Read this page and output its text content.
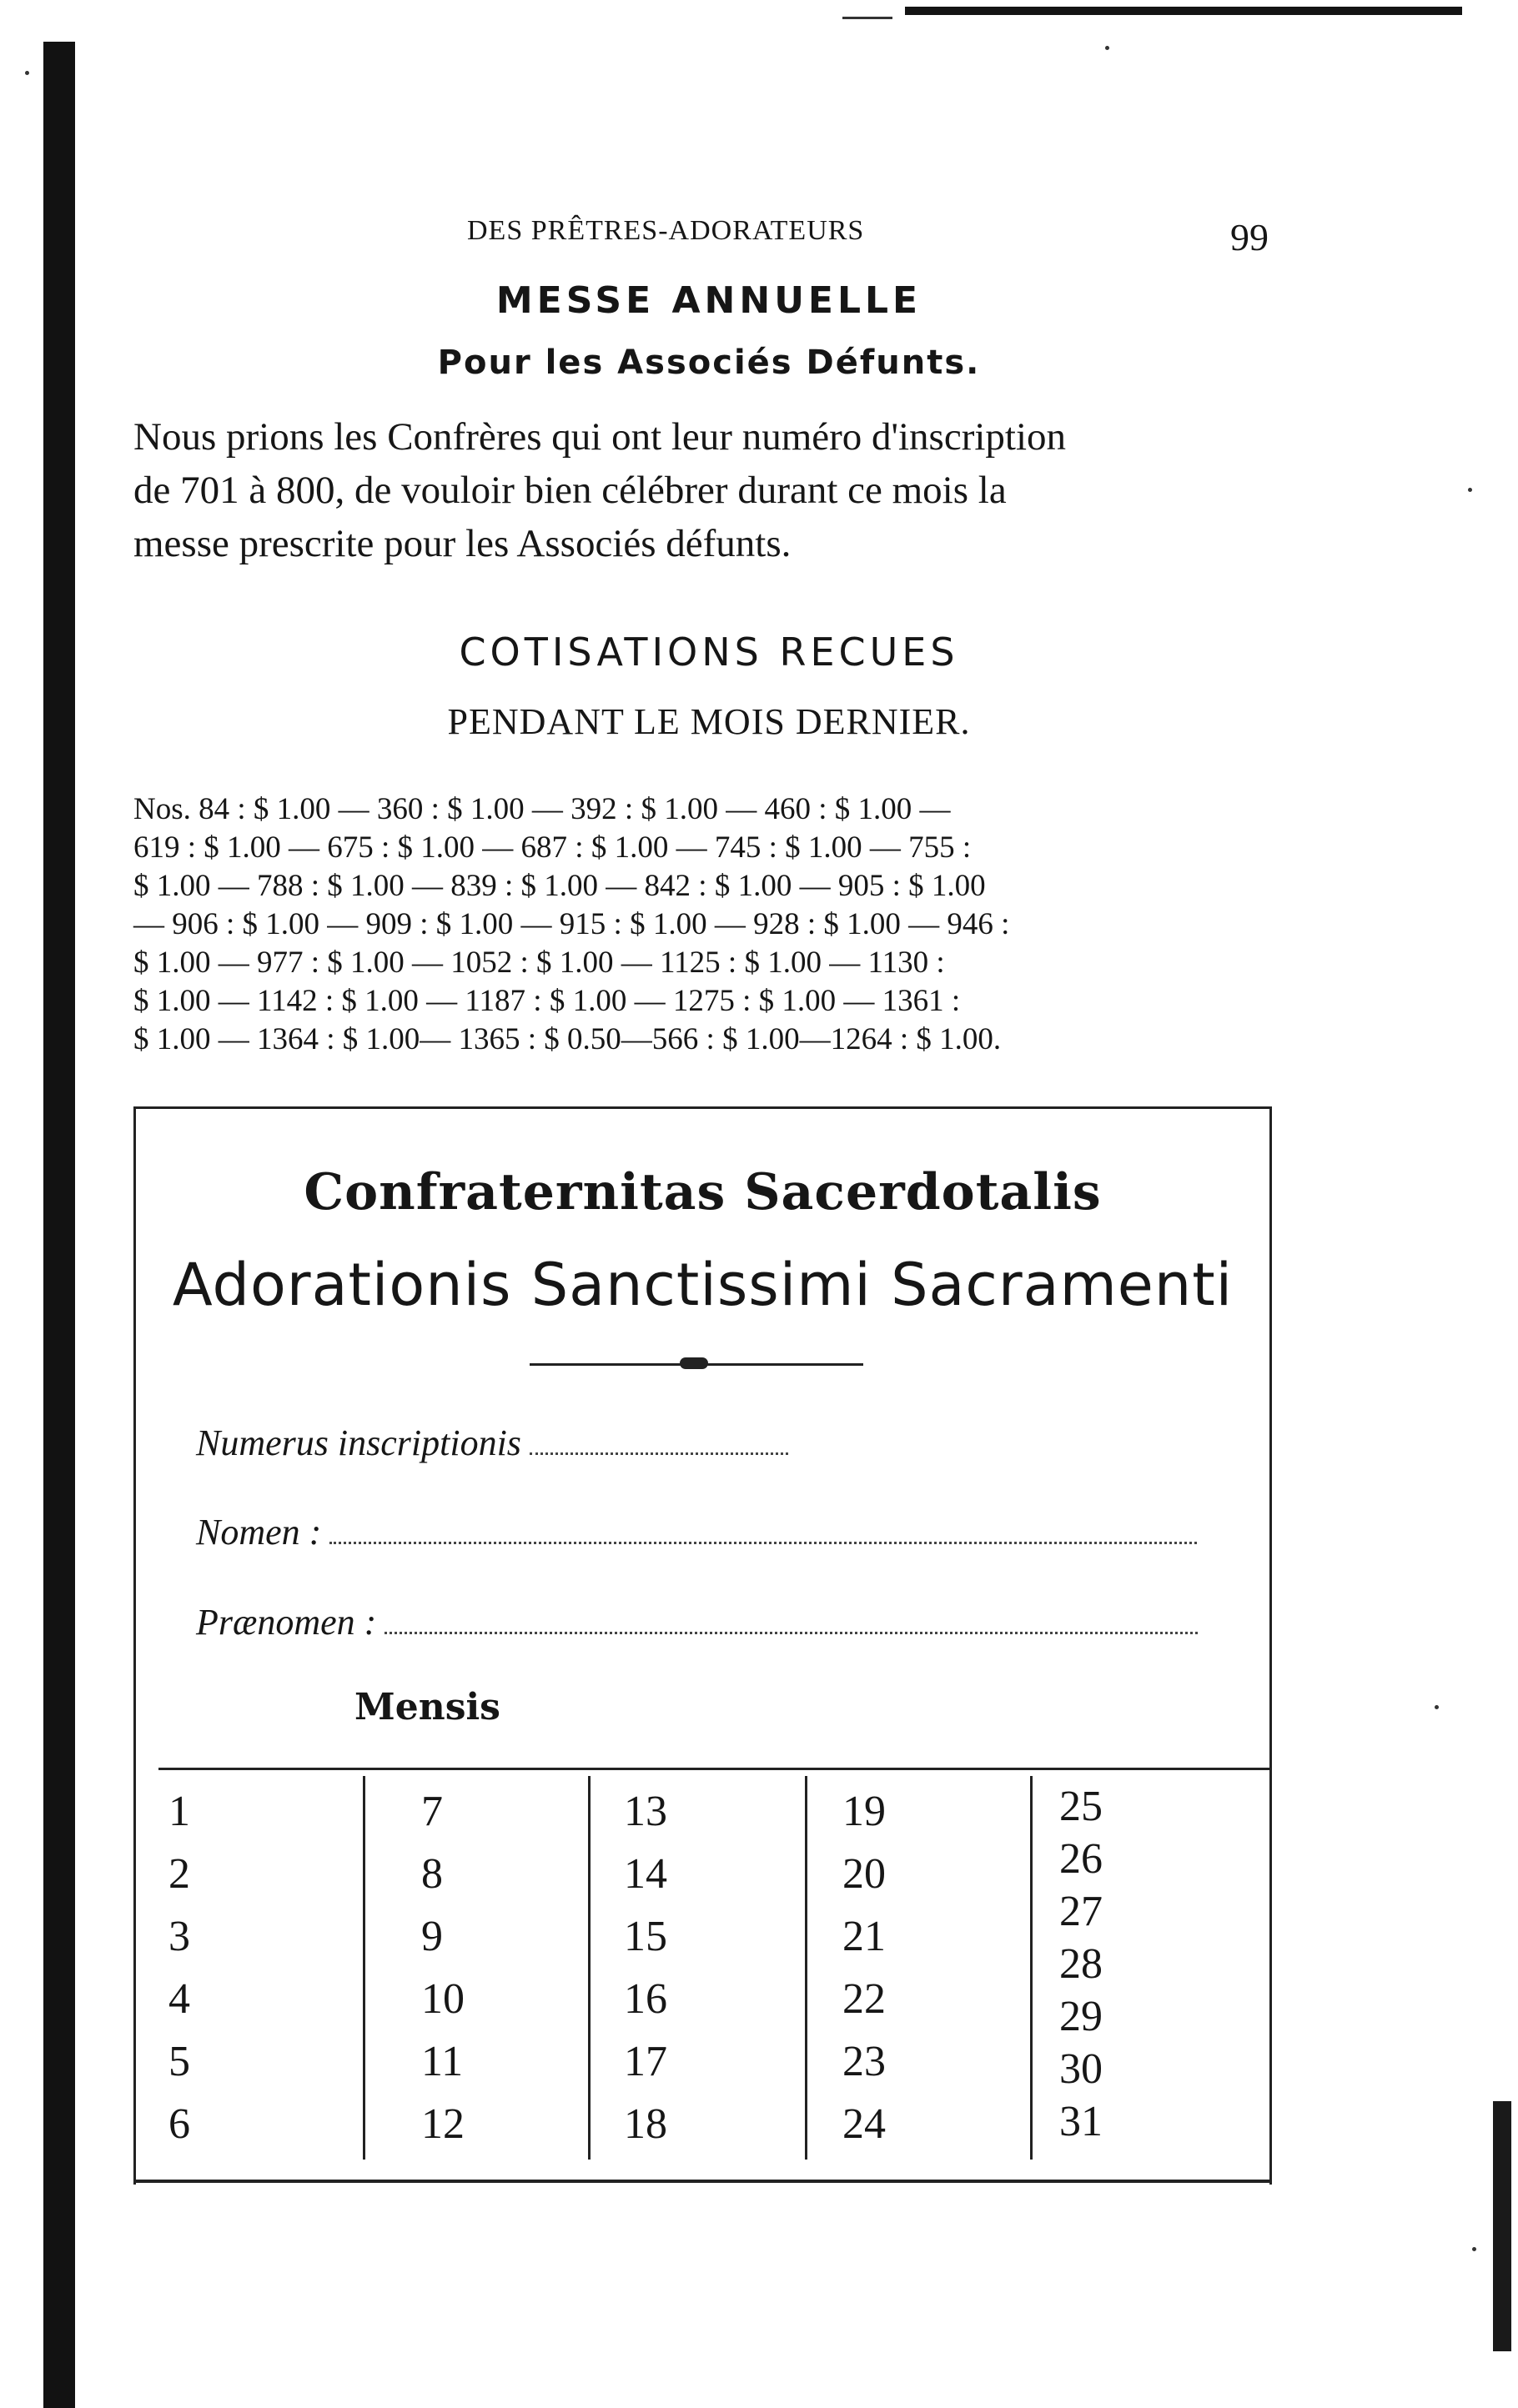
DES PRÊTRES-ADORATEURS	99
MESSE ANNUELLE
Pour les Associés Défunts.

Nous prions les Confrères qui ont leur numéro d'inscription

de 701 à 800, de vouloir bien célébrer durant ce mois la

messe prescrite pour les Associés défunts.

COTISATIONS RECUES
PENDANT LE MOIS DERNIER.
Nos. 84 : $ 1.00 — 360 : $ 1.00 — 392 : $ 1.00 — 460 : $ 1.00 —
619 : $ 1.00 — 675 : $ 1.00 — 687 : $ 1.00 — 745 : $ 1.00 — 755 :
$ 1.00 — 788 : $ 1.00 — 839 : $ 1.00 — 842 : $ 1.00 — 905 : $ 1.00
— 906 : $ 1.00 — 909 : $ 1.00 — 915 : $ 1.00 — 928 : $ 1.00 — 946 :
$ 1.00 — 977 : $ 1.00 — 1052 : $ 1.00 — 1125 : $ 1.00 — 1130 :
$ 1.00 — 1142 : $ 1.00 — 1187 : $ 1.00 — 1275 : $ 1.00 — 1361 :
$ 1.00 — 1364 : $ 1.00— 1365 : $ 0.50—566 : $ 1.00—1264 : $ 1.00.
Confraternitas Sacerdotalis
Adorationis Sanctissimi Sacramenti
Numerus inscriptionis
Nomen :
Prænomen :
Mensis
1
2
3
4
5
6
7
8
9
10
11
12
13
14
15
16
17
18
19
20
21
22
23
24
25
26
27
28
29
30
31
